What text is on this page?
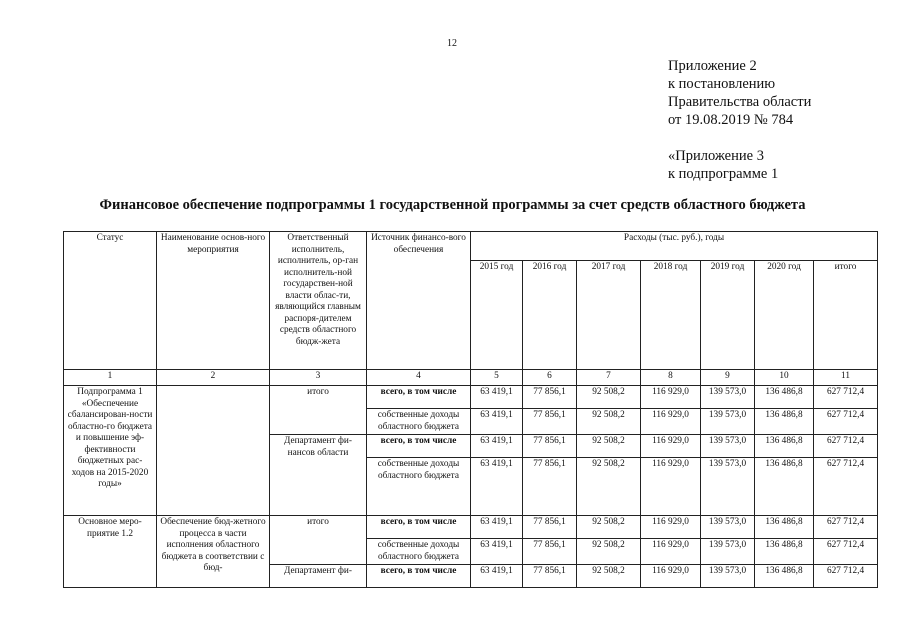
12
Приложение 2
к постановлению
Правительства области
от 19.08.2019 № 784
«Приложение 3
к подпрограмме 1
Финансовое обеспечение подпрограммы 1 государственной программы за счет средств областного бюджета
Статус	Наименование основ-ного мероприятия	Ответственный исполнитель, исполнитель, ор-ган исполнитель-ной государствен-ной власти облас-ти, являющийся главным распоря-дителем средств областного бюдж-жета	Источник финансо-вого обеспечения	Расходы (тыс. руб.), годы						
				2015 год	2016 год	2017 год	2018 год	2019 год	2020 год	итого
1	2	3	4	5	6	7	8	9	10	11
Подпрограмма 1 «Обеспечение сбалансирован-ности областно-го бюджета и повышение эф-фективности бюджетных рас-ходов на 2015-2020 годы»		итого	всего, в том числе	63 419,1	77 856,1	92 508,2	116 929,0	139 573,0	136 486,8	627 712,4
			собственные доходы областного бюджета	63 419,1	77 856,1	92 508,2	116 929,0	139 573,0	136 486,8	627 712,4
		Департамент фи-нансов области	всего, в том числе	63 419,1	77 856,1	92 508,2	116 929,0	139 573,0	136 486,8	627 712,4
			собственные доходы областного бюджета	63 419,1	77 856,1	92 508,2	116 929,0	139 573,0	136 486,8	627 712,4
Основное меро-приятие 1.2	Обеспечение бюд-жетного процесса в части исполнения областного бюджета в соответствии с бюд-	итого	всего, в том числе	63 419,1	77 856,1	92 508,2	116 929,0	139 573,0	136 486,8	627 712,4
			собственные доходы областного бюджета	63 419,1	77 856,1	92 508,2	116 929,0	139 573,0	136 486,8	627 712,4
		Департамент фи-	всего, в том числе	63 419,1	77 856,1	92 508,2	116 929,0	139 573,0	136 486,8	627 712,4
